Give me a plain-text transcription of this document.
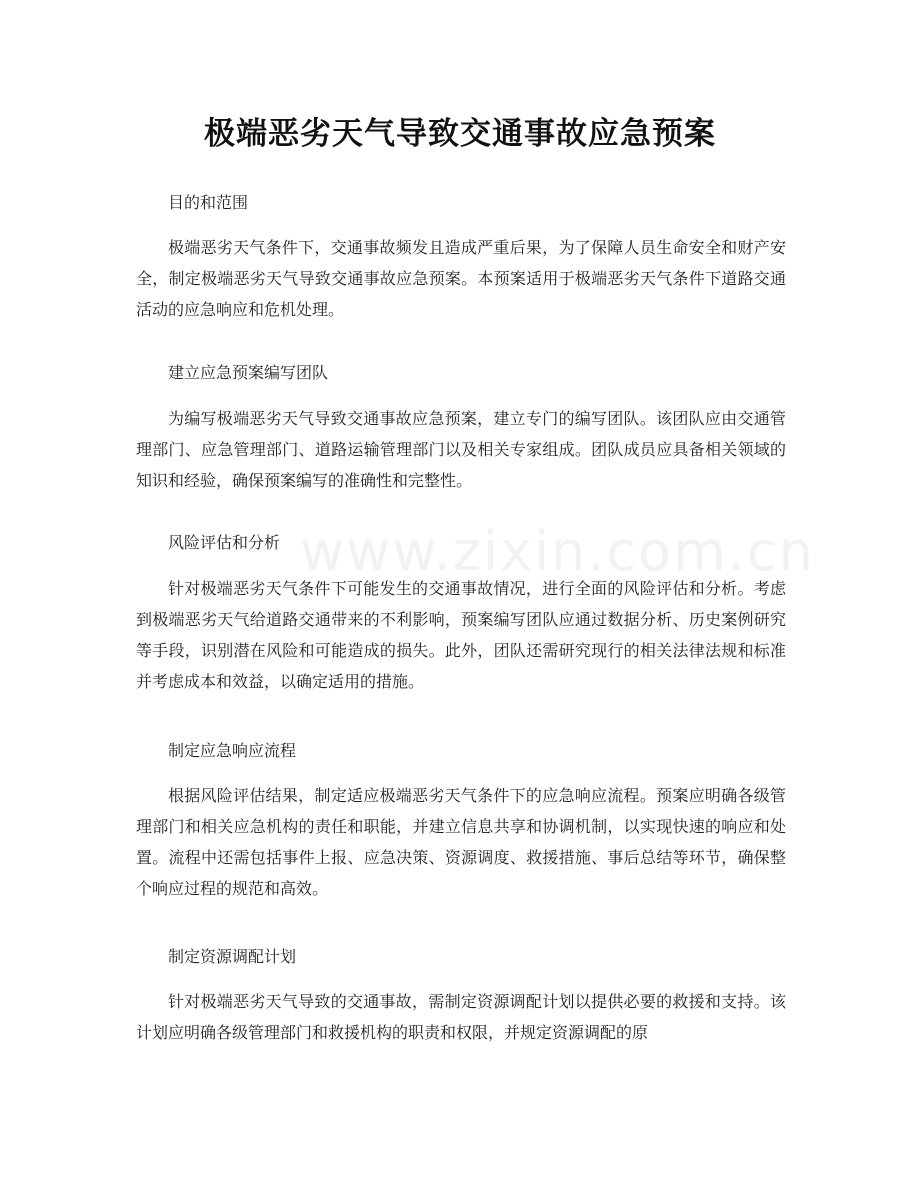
www.zixin.com.cn
极端恶劣天气导致交通事故应急预案

目的和范围

极端恶劣天气条件下，交通事故频发且造成严重后果，为了保障人员生命安全和财产安全，制定极端恶劣天气导致交通事故应急预案。本预案适用于极端恶劣天气条件下道路交通活动的应急响应和危机处理。

建立应急预案编写团队

为编写极端恶劣天气导致交通事故应急预案，建立专门的编写团队。该团队应由交通管理部门、应急管理部门、道路运输管理部门以及相关专家组成。团队成员应具备相关领域的知识和经验，确保预案编写的准确性和完整性。

风险评估和分析

针对极端恶劣天气条件下可能发生的交通事故情况，进行全面的风险评估和分析。考虑到极端恶劣天气给道路交通带来的不利影响，预案编写团队应通过数据分析、历史案例研究等手段，识别潜在风险和可能造成的损失。此外，团队还需研究现行的相关法律法规和标准并考虑成本和效益，以确定适用的措施。

制定应急响应流程

根据风险评估结果，制定适应极端恶劣天气条件下的应急响应流程。预案应明确各级管理部门和相关应急机构的责任和职能，并建立信息共享和协调机制，以实现快速的响应和处置。流程中还需包括事件上报、应急决策、资源调度、救援措施、事后总结等环节，确保整个响应过程的规范和高效。

制定资源调配计划

针对极端恶劣天气导致的交通事故，需制定资源调配计划以提供必要的救援和支持。该计划应明确各级管理部门和救援机构的职责和权限，并规定资源调配的原
